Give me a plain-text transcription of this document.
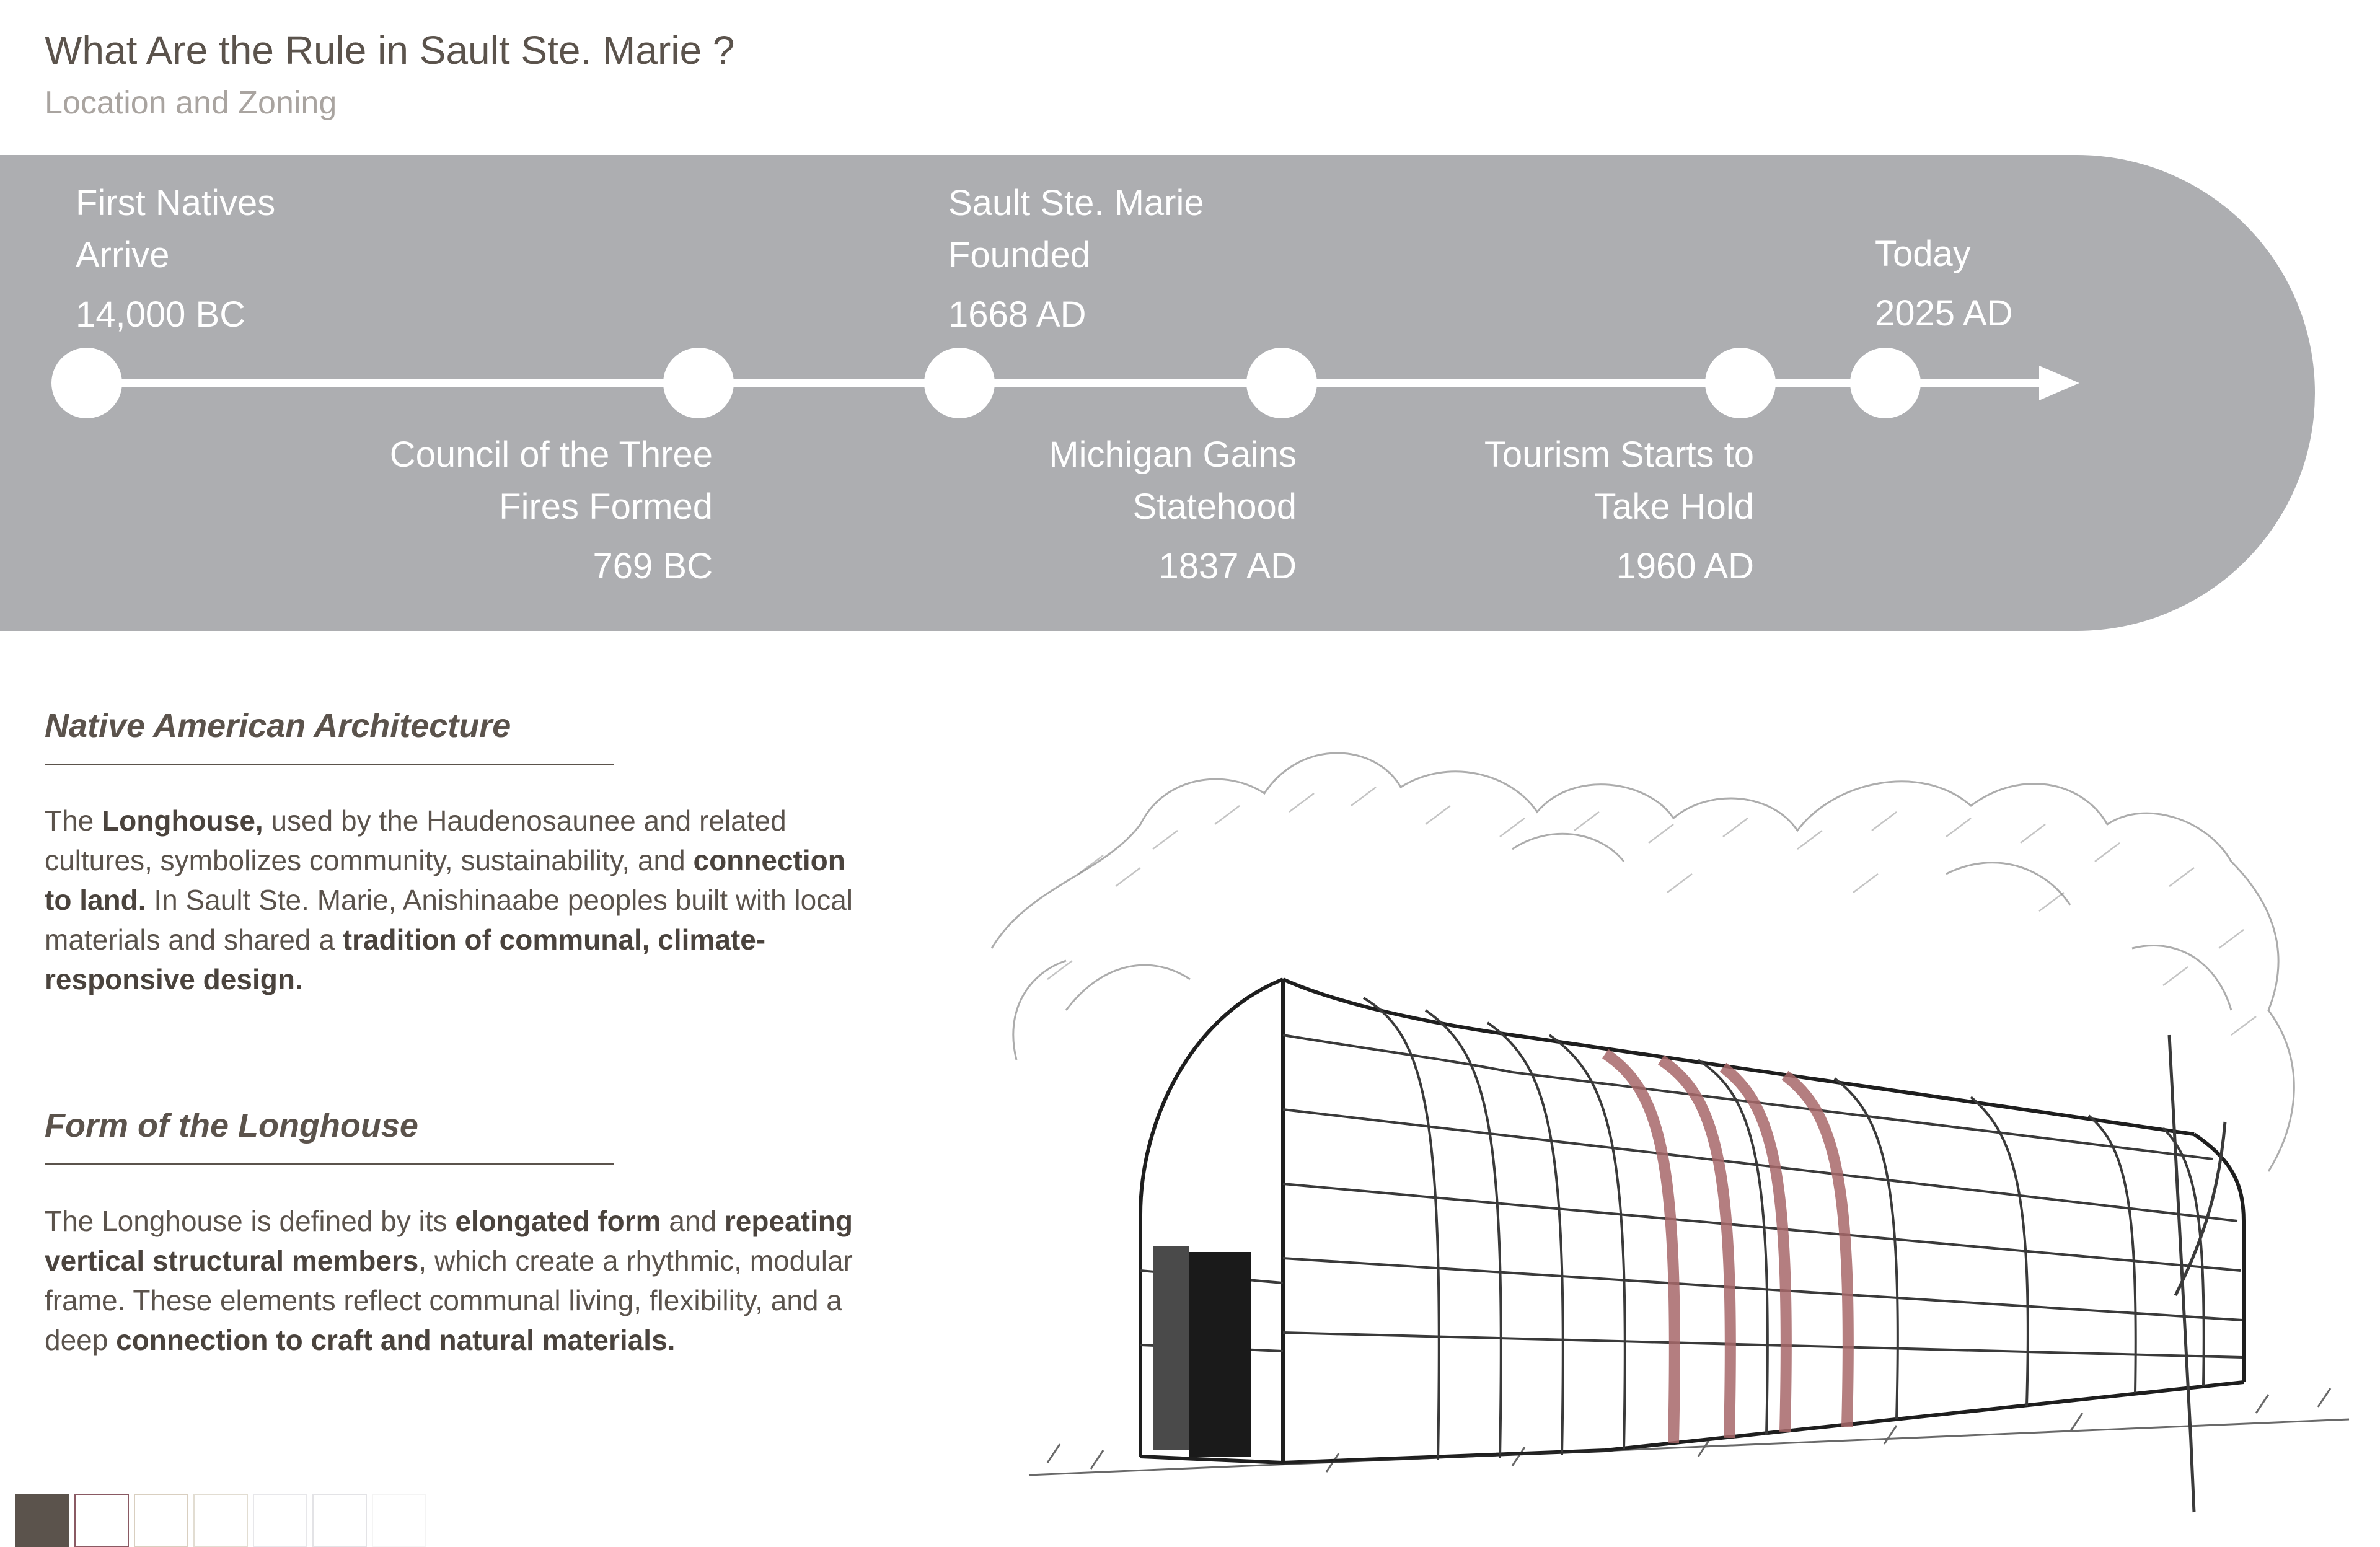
What Are the Rule in Sault Ste. Marie ?

Location and Zoning

First Natives
Arrive
14,000 BC
Council of the Three
Fires Formed
769 BC
Sault Ste. Marie
Founded
1668 AD
Michigan Gains
Statehood
1837 AD
Tourism Starts to
Take Hold
1960 AD
Today
2025 AD
Native American Architecture

The Longhouse, used by the Haudenosaunee and related cultures, symbolizes community, sustainability, and connection to land. In Sault Ste. Marie, Anishinaabe peoples built with local materials and shared a tradition of communal, climate-responsive design.

Form of the Longhouse

The Longhouse is defined by its elongated form and repeating vertical structural members, which create a rhythmic, modular frame. These elements reflect communal living, flexibility, and a deep connection to craft and natural materials.
